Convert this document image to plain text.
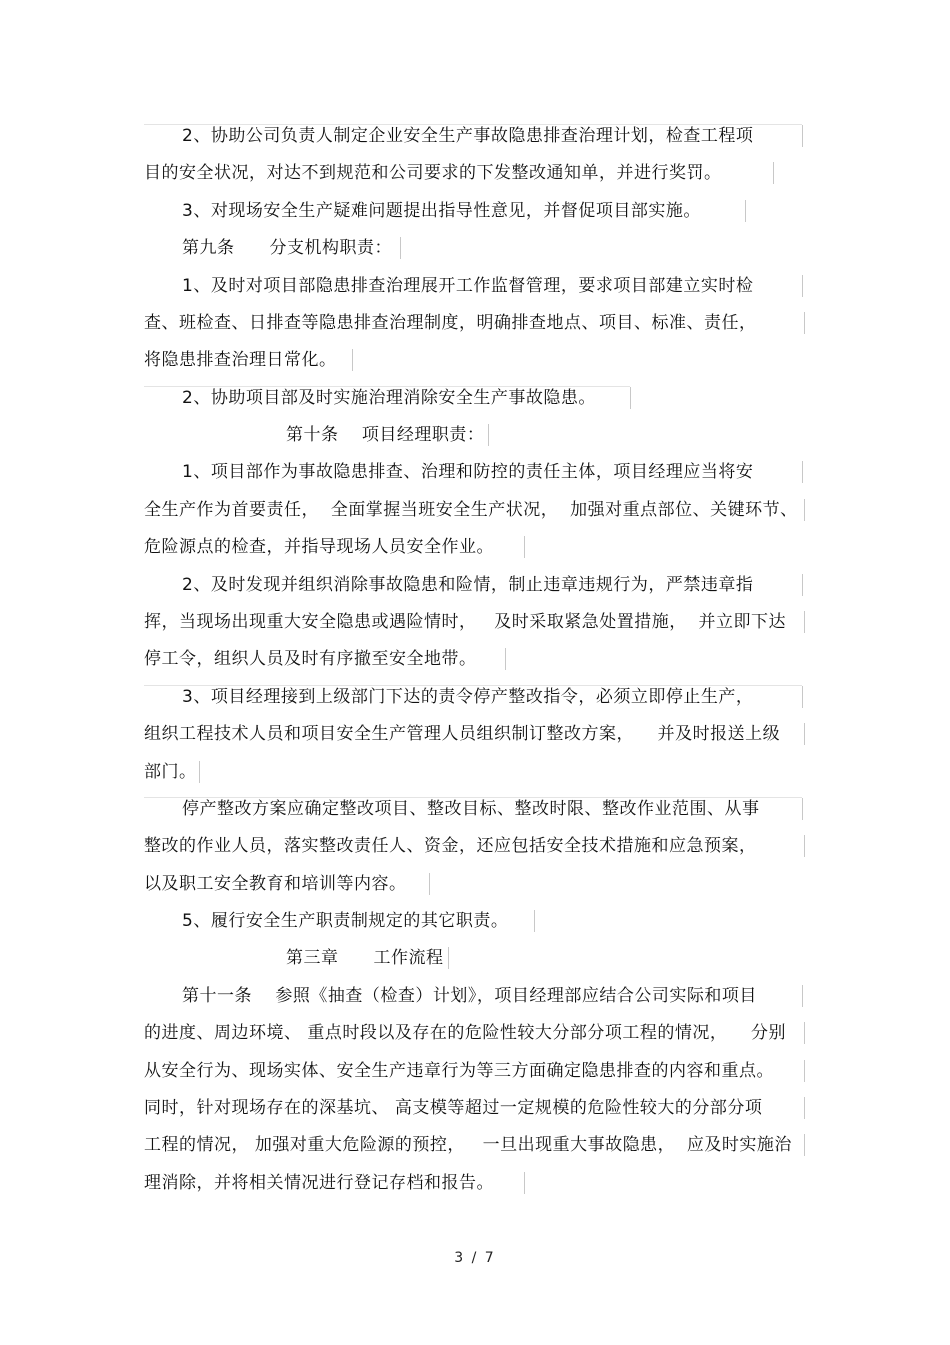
2、协助公司负责人制定企业安全生产事故隐患排查治理计划，检查工程项
目的安全状况，对达不到规范和公司要求的下发整改通知单，并进行奖罚。
3、对现场安全生产疑难问题提出指导性意见，并督促项目部实施。
第九条　　分支机构职责：
1、及时对项目部隐患排查治理展开工作监督管理，要求项目部建立实时检
查、班检查、日排查等隐患排查治理制度，明确排查地点、项目、标准、责任，
将隐患排查治理日常化。
2、协助项目部及时实施治理消除安全生产事故隐患。
第十条　 项目经理职责：
1、项目部作为事故隐患排查、治理和防控的责任主体，项目经理应当将安
全生产作为首要责任，  全面掌握当班安全生产状况，  加强对重点部位、关键环节、
危险源点的检查，并指导现场人员安全作业。
2、及时发现并组织消除事故隐患和险情，制止违章违规行为，严禁违章指
挥，当现场出现重大安全隐患或遇险情时，   及时采取紧急处置措施，  并立即下达
停工令，组织人员及时有序撤至安全地带。
3、项目经理接到上级部门下达的责令停产整改指令，必须立即停止生产，
组织工程技术人员和项目安全生产管理人员组织制订整改方案，    并及时报送上级
部门。
停产整改方案应确定整改项目、整改目标、整改时限、整改作业范围、从事
整改的作业人员，落实整改责任人、资金，还应包括安全技术措施和应急预案，
以及职工安全教育和培训等内容。
5、履行安全生产职责制规定的其它职责。
第三章　　工作流程
第十一条　 参照《抽查（检查）计划》，项目经理部应结合公司实际和项目
的进度、周边环境、 重点时段以及存在的危险性较大分部分项工程的情况，    分别
从安全行为、现场实体、安全生产违章行为等三方面确定隐患排查的内容和重点。
同时，针对现场存在的深基坑、 高支模等超过一定规模的危险性较大的分部分项
工程的情况， 加强对重大危险源的预控，   一旦出现重大事故隐患，  应及时实施治
理消除，并将相关情况进行登记存档和报告。
3 / 7
